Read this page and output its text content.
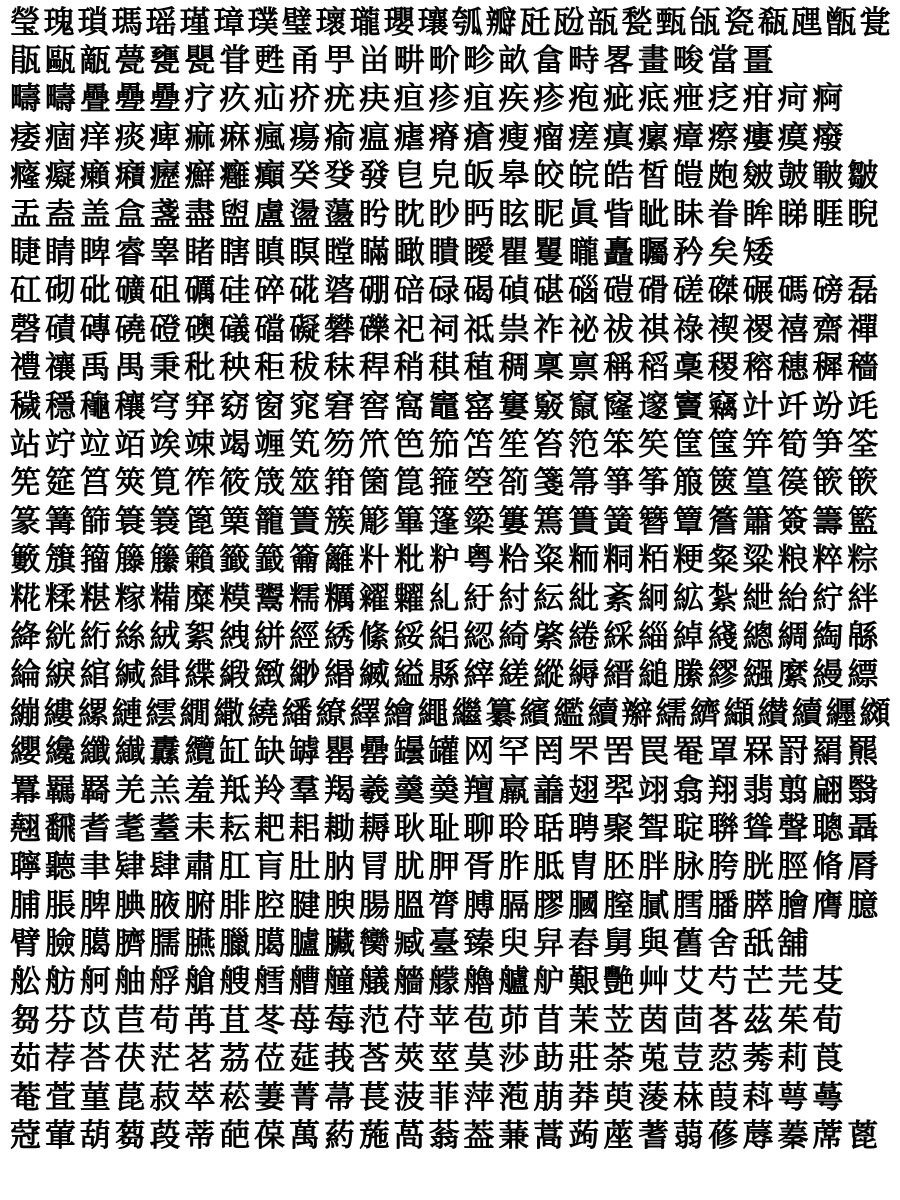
瑩 瑰 瑣 瑪 瑶 瑾 璋 璞 璧 瓌 瓏 瓔 瓖 瓠 瓣 瓩 瓰 瓿 甃 甄 瓵 瓷 瓻 瓼 甑 瓽
瓹 甌 甋 甍 甕 甖 甞 甦 甬 甼 畄 畊 畍 畛 畝 畣 畤 畧 畫 畯 當 畺
疇 疇 疊 疉 疉 疗 疚 疝 疥 疣 疦 疸 疹 疽 疾 疹 疱 疵 疷 疶 疺 疳 疴 痾
痿 痼 痒 痰 痺 痲 痳 瘋 瘍 瘉 瘟 瘧 瘠 瘡 瘦 瘤 瘥 瘨 瘰 瘴 瘵 瘻 瘼 癈
癃 癡 癩 癪 癧 癬 癰 癲 癸 癹 發 皀 皃 皈 皋 皎 皖 皓 皙 皚 皰 皴 皷 皸 皺
盂 盍 盖 盒 盞 盡 盥 盧 盪 蘯 盻 眈 眇 眄 眩 眤 眞 眥 眦 眛 眷 眸 睇 睚 睨
睫 睛 睥 睿 睾 睹 瞎 瞋 瞑 瞠 瞞 瞰 瞶 瞹 瞿 矍 矓 矗 矚 矜 矣 矮
矼 砌 砒 礦 砠 礪 硅 碎 硴 碆 硼 碚 碌 碣 碵 碪 碯 磑 磆 磋 磔 碾 碼 磅 磊
磬 磧 磚 磽 磴 礇 礒 礑 礙 礬 礫 祀 祠 祗 祟 祚 祕 祓 祺 祿 禊 禝 禧 齋 禪
禮 禳 禹 禺 秉 秕 秧 秬 秡 秣 稈 稍 稘 稙 稠 稟 禀 稱 稻 稾 稷 穃 穗 穉 穡
穢 穩 龝 穰 穹 穽 窈 窗 窕 窘 窖 窩 竈 窰 窶 竅 竄 窿 邃 竇 竊 竍 竏 竕 竓
站 竚 竝 竡 竢 竦 竭 竰 笂 笏 笊 笆 笳 笘 笙 笞 笵 笨 笶 筐 筺 笄 筍 笋 筌
筅 筵 筥 筴 筧 筰 筱 筬 筮 箝 箘 箟 箍 箜 箚 箋 箒 箏 筝 箙 篋 篁 篌 篏 篏
篆 篝 篩 簑 簔 篦 篥 籠 簀 簇 簓 篳 篷 簗 簍 篶 簣 簧 簪 簟 簷 簫 簽 籌 籃
籔 籏 籀 籐 籘 籟 籤 籖 籥 籬 籵 粃 粐 粤 粭 粢 粫 粡 粨 粳 粲 粱 粮 粹 粽
糀 糅 糂 糘 糒 糜 糢 鬻 糯 糲 糴 糶 糺 紆 紂 紜 紕 紊 絅 絋 紮 紲 紿 紵 絆
絳 絖 絎 絲 絨 絮 絏 絣 經 綉 絛 綏 絽 綛 綺 綮 綣 綵 緇 綽 綫 總 綢 綯 緜
綸 綟 綰 緘 緝 緤 緞 緻 緲 緡 縅 縊 縣 縡 縒 縱 縟 縉 縋 縢 繆 繦 縻 縵 縹
繃 縷 縲 縺 繧 繝 繖 繞 繙 繚 繹 繪 繩 繼 纂 繽 繿 續 辮 繻 纃 纈 纉 續 纒 纐
纓 纔 纖 纎 纛 纜 缸 缺 罅 罌 罍 罎 罐 网 罕 罔 罘 罟 罠 罨 罩 罧 罸 羂 羆
羃 羈 羇 羌 羔 羞 羝 羚 羣 羯 羲 羹 羮 羶 羸 譱 翅 翆 翊 翕 翔 翡 翦 翩 翳
翹 飜 耆 耄 耋 耒 耘 耙 耜 耡 耨 耿 耻 聊 聆 聒 聘 聚 聟 聢 聨 聳 聲 聰 聶
聹 聽 聿 肄 肆 肅 肛 肓 肚 肭 冐 肬 胛 胥 胙 胝 胄 胚 胖 脉 胯 胱 脛 脩 脣
脯 脹 脾 腆 腋 腑 腓 腔 腱 腴 腸 膃 膂 膊 膈 膠 膕 膣 膩 膤 膰 膵 膾 膺 臆
臂 臉 臈 臍 臑 臙 臘 臈 臚 臟 臠 臧 臺 臻 臾 舁 舂 舅 與 舊 舍 舐 舖
舩 舫 舸 舳 艀 艙 艘 艝 艚 艟 艤 艢 艨 艪 艫 舮 艱 艷 艸 艾 芍 芒 芫 芟
芻 芬 苡 苣 苟 苒 苴 苳 苺 莓 范 苻 苹 苞 茆 苜 茉 苙 茵 茴 茖 茲 茱 荀
茹 荐 荅 茯 茫 茗 茘 莅 莚 莪 莟 莢 莖 茣 莎 莇 莊 荼 莵 荳 荵 莠 莉 莨
菴 萓 菫 菎 菽 萃 菘 萋 菁 菷 萇 菠 菲 萍 萢 萠 莽 萸 蔆 菻 葭 萪 萼 蕚
蒄 葷 葫 蒭 葮 蒂 葩 葆 萬 葯 葹 萵 蓊 葢 蒹 蒿 蒟 蓙 蓍 蒻 蓚 蓐 蓁 蓆 蓖
